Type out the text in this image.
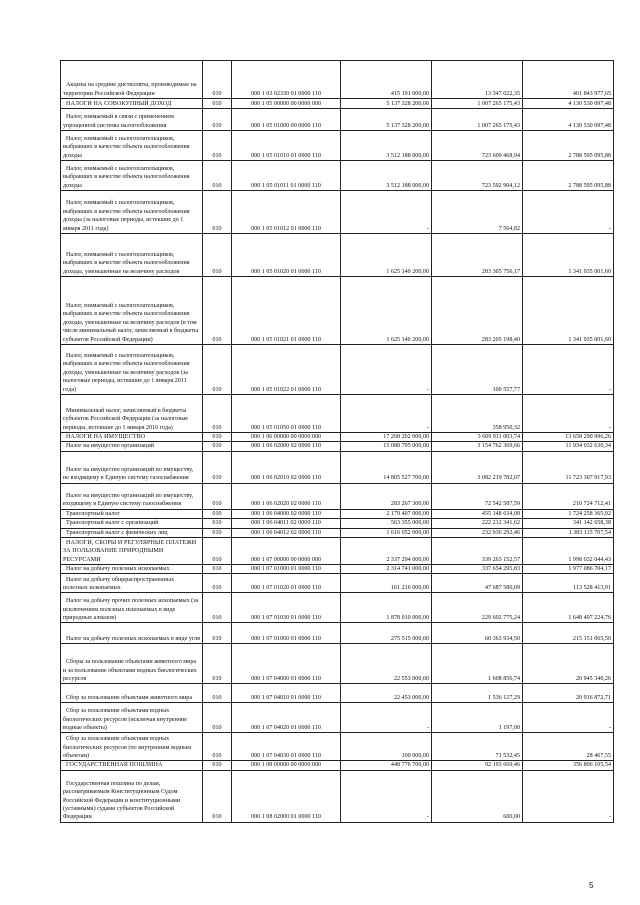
Акцизы на средние дистилляты, производимые на территории Российской Федерации	010	000 1 03 02330 01 0000 110	415 191 000,00	13 347 022,35	401 843 977,65

НАЛОГИ НА СОВОКУПНЫЙ ДОХОД	010	000 1 05 00000 00 0000 000	5 137 328 200,00	1 007 265 175,43	4 130 530 097,48

Налог, взимаемый в связи с применением упрощенной системы налогообложения	010	000 1 05 01000 00 0000 110	5 137 328 200,00	1 007 265 175,43	4 130 530 097,48

Налог, взимаемый с налогоплательщиков, выбравших в качестве объекта налогообложения доходы	010	000 1 05 01010 01 0000 110	3 512 188 000,00	723 600 468,94	2 788 595 095,88

Налог, взимаемый с налогоплательщиков, выбравших в качестве объекта налогообложения доходы	010	000 1 05 01011 01 0000 110	3 512 188 000,00	723 592 904,12	2 788 595 095,88

Налог, взимаемый с налогоплательщиков, выбравших в качестве объекта налогообложения доходы (за налоговые периоды, истекшие до 1 января 2011 года)	010	000 1 05 01012 01 0000 110	-	7 564,82	-

Налог, взимаемый с налогоплательщиков, выбравших в качестве объекта налогообложения доходы, уменьшенные на величину расходов	010	000 1 05 01020 01 0000 110	1 625 140 200,00	283 305 756,17	1 341 935 001,60

Налог, взимаемый с налогоплательщиков, выбравших в качестве объекта налогообложения доходы, уменьшенные на величину расходов (в том числе минимальный налог, зачисляемый в бюджеты субъектов Российской Федерации)	010	000 1 05 01021 01 0000 110	1 625 140 200,00	283 205 198,40	1 341 935 001,60

Налог, взимаемый с налогоплательщиков, выбравших в качестве объекта налогообложения доходы, уменьшенные на величину расходов (за налоговые периоды, истекшие до 1 января 2011 года)	010	000 1 05 01022 01 0000 110	-	100 557,77	-

Минимальный налог, зачисляемый в бюджеты субъектов Российской Федерации (за налоговые периоды, истекшие до 1 января 2016 года)	010	000 1 05 01050 01 0000 110	-	358 950,32	-

НАЛОГИ НА ИМУЩЕСТВО	010	000 1 06 00000 00 0000 000	17 268 202 000,00	3 609 911 003,74	13 658 290 996,26

Налог на имущество организаций	010	000 1 06 02000 02 0000 110	15 088 795 000,00	3 154 762 369,66	11 934 032 630,34

Налог на имущество организаций по имуществу, не входящему в Единую систему газоснабжения	010	000 1 06 02010 02 0000 110	14 805 527 700,00	3 082 219 782,07	11 723 307 917,93

Налог на имущество организаций по имуществу, входящему в Единую систему газоснабжения	010	000 1 06 02020 02 0000 110	283 267 300,00	72 542 587,59	210 724 712,41

Транспортный налог	010	000 1 06 04000 02 0000 110	2 179 407 000,00	455 148 634,08	1 724 258 365,92

Транспортный налог с организаций	010	000 1 06 04011 02 0000 110	563 355 000,00	222 212 341,62	341 142 658,38

Транспортный налог с физических лиц	010	000 1 06 04012 02 0000 110	1 616 052 000,00	232 936 292,46	1 383 115 707,54

НАЛОГИ, СБОРЫ И РЕГУЛЯРНЫЕ ПЛАТЕЖИ ЗА ПОЛЬЗОВАНИЕ ПРИРОДНЫМИ РЕСУРСАМИ	010	000 1 07 00000 00 0000 000	2 337 294 000,00	339 263 152,57	1 998 032 044,43

Налог на добычу полезных ископаемых	010	000 1 07 01000 01 0000 110	2 314 741 000,00	337 654 295,83	1 977 086 704,17

Налог на добычу общераспространенных полезных ископаемых	010	000 1 07 01020 01 0000 110	161 216 000,00	47 687 586,09	113 528 413,91

Налог на добычу прочих полезных ископаемых (за исключением полезных ископаемых в виде природных алмазов)	010	000 1 07 01030 01 0000 110	1 878 010 000,00	229 602 775,24	1 648 407 224,76

Налог на добычу полезных ископаемых в виде угля	010	000 1 07 01060 01 0000 110	275 515 000,00	60 363 934,50	215 151 065,50

Сборы за пользование объектами животного мира и за пользование объектами водных биологических ресурсов	010	000 1 07 04000 01 0000 110	22 553 000,00	1 608 856,74	20 945 340,26

Сбор за пользование объектами животного мира	010	000 1 07 04010 01 0000 110	22 453 000,00	1 536 127,29	20 916 872,71

Сбор за пользование объектами водных биологических ресурсов (исключая внутренние водные объекты)	010	000 1 07 04020 01 0000 110	-	1 197,00	-

Сбор за пользование объектами водных биологических ресурсов (по внутренним водным объектам)	010	000 1 07 04030 01 0000 110	100 000,00	71 532,45	28 467,55

ГОСУДАРСТВЕННАЯ ПОШЛИНА	010	000 1 08 00000 00 0000 000	448 776 700,00	92 193 669,46	356 806 105,54

Государственная пошлина по делам, рассматриваемым Конституционным Судом Российской Федерации и конституционными (уставными) судами субъектов Российской Федерации	010	000 1 08 02000 01 0000 110	-	600,00	-
5
